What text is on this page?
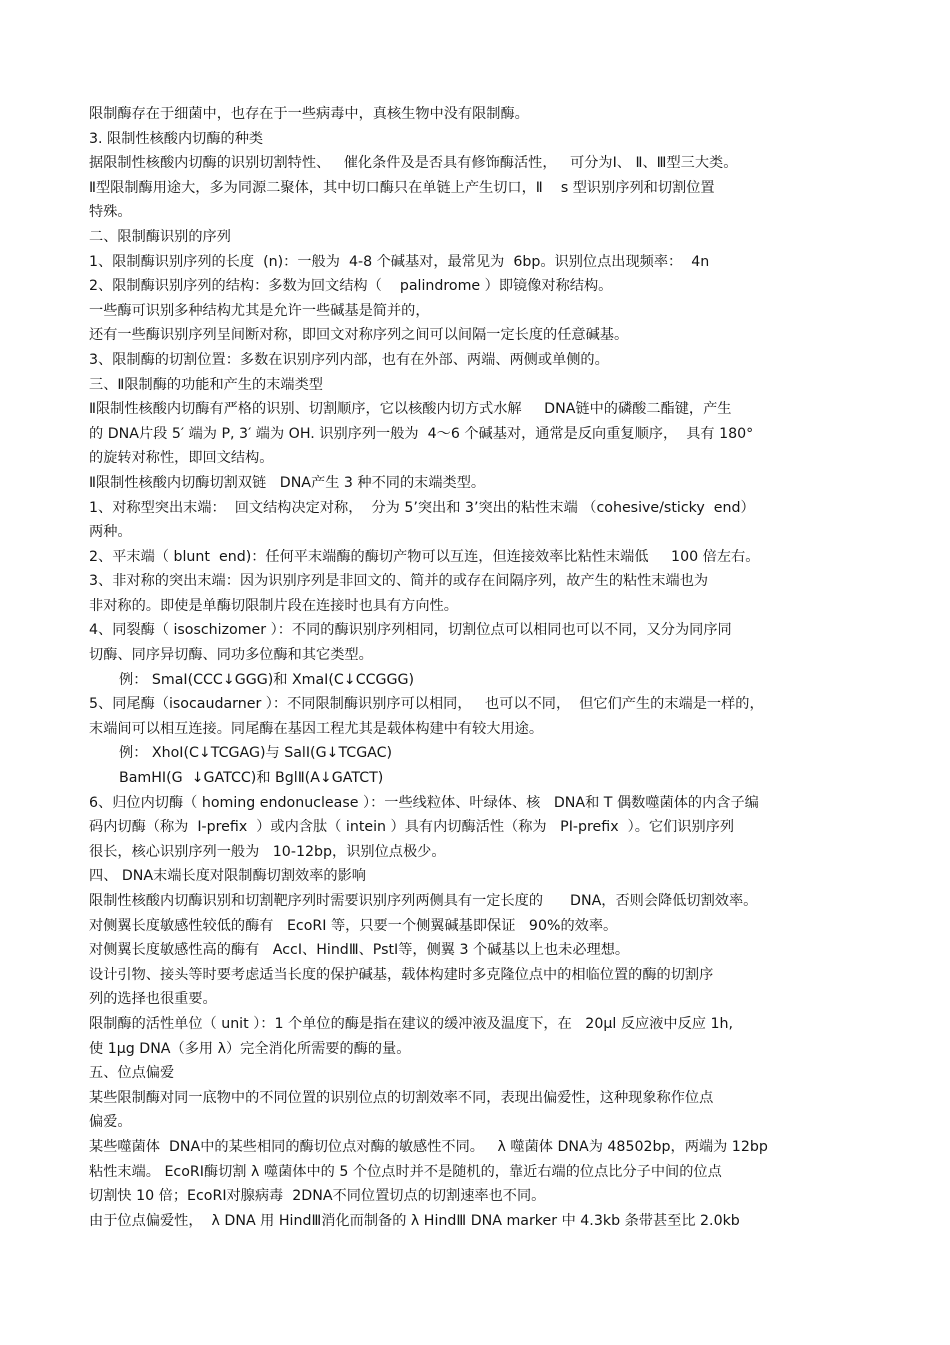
限制酶存在于细菌中，也存在于一些病毒中，真核生物中没有限制酶。
3. 限制性核酸内切酶的种类
据限制性核酸内切酶的识别切割特性、   催化条件及是否具有修饰酶活性，   可分为Ⅰ、 Ⅱ、Ⅲ型三大类。
Ⅱ型限制酶用途大，多为同源二聚体，其中切口酶只在单链上产生切口，Ⅱ    s 型识别序列和切割位置
特殊。
二、限制酶识别的序列
1、限制酶识别序列的长度  (n)：一般为  4-8 个碱基对，最常见为  6bp。识别位点出现频率：  4n
2、限制酶识别序列的结构：多数为回文结构（    palindrome ）即镜像对称结构。
一些酶可识别多种结构尤其是允许一些碱基是简并的，
还有一些酶识别序列呈间断对称，即回文对称序列之间可以间隔一定长度的任意碱基。
3、限制酶的切割位置：多数在识别序列内部，也有在外部、两端、两侧或单侧的。
三、Ⅱ限制酶的功能和产生的末端类型
Ⅱ限制性核酸内切酶有严格的识别、切割顺序，它以核酸内切方式水解     DNA链中的磷酸二酯键，产生
的 DNA片段 5′ 端为 P, 3′ 端为 OH. 识别序列一般为  4～6 个碱基对，通常是反向重复顺序，  具有 180°
的旋转对称性，即回文结构。
Ⅱ限制性核酸内切酶切割双链   DNA产生 3 种不同的末端类型。
1、对称型突出末端：  回文结构决定对称，  分为 5’突出和 3’突出的粘性末端 （cohesive/sticky  end）
两种。
2、平末端（ blunt  end)：任何平末端酶的酶切产物可以互连，但连接效率比粘性末端低     100 倍左右。
3、非对称的突出末端：因为识别序列是非回文的、简并的或存在间隔序列，故产生的粘性末端也为
非对称的。即使是单酶切限制片段在连接时也具有方向性。
4、同裂酶（ isoschizomer ）：不同的酶识别序列相同，切割位点可以相同也可以不同，又分为同序同
切酶、同序异切酶、同功多位酶和其它类型。
例： SmaⅠ(CCC↓GGG)和 XmaⅠ(C↓CCGGG)
5、同尾酶（isocaudarner ）：不同限制酶识别序可以相同，   也可以不同，  但它们产生的末端是一样的，
末端间可以相互连接。同尾酶在基因工程尤其是载体构建中有较大用途。
例： XhoⅠ(C↓TCGAG)与 SalⅠ(G↓TCGAC)
BamHI(G  ↓GATCC)和 BglⅡ(A↓GATCT)
6、归位内切酶（ homing endonuclease ）：一些线粒体、叶绿体、核   DNA和 T 偶数噬菌体的内含子编
码内切酶（称为  I-prefix  ）或内含肽（ intein ）具有内切酶活性（称为   PI-prefix  ）。它们识别序列
很长，核心识别序列一般为   10-12bp，识别位点极少。
四、 DNA末端长度对限制酶切割效率的影响
限制性核酸内切酶识别和切割靶序列时需要识别序列两侧具有一定长度的      DNA，否则会降低切割效率。
对侧翼长度敏感性较低的酶有   EcoRI 等，只要一个侧翼碱基即保证   90%的效率。
对侧翼长度敏感性高的酶有   AccⅠ、HindⅢ、PstⅠ等，侧翼 3 个碱基以上也未必理想。
设计引物、接头等时要考虑适当长度的保护碱基，载体构建时多克隆位点中的相临位置的酶的切割序
列的选择也很重要。
限制酶的活性单位（ unit ）：1 个单位的酶是指在建议的缓冲液及温度下，在   20μl 反应液中反应 1h,
使 1μg DNA（多用 λ）完全消化所需要的酶的量。
五、位点偏爱
某些限制酶对同一底物中的不同位置的识别位点的切割效率不同，表现出偏爱性，这种现象称作位点
偏爱。
某些噬菌体  DNA中的某些相同的酶切位点对酶的敏感性不同。   λ 噬菌体 DNA为 48502bp，两端为 12bp
粘性末端。 EcoRⅠ酶切割 λ 噬菌体中的 5 个位点时并不是随机的，靠近右端的位点比分子中间的位点
切割快 10 倍；EcoRⅠ对腺病毒  2DNA不同位置切点的切割速率也不同。
由于位点偏爱性，  λ DNA 用 HindⅢ消化而制备的 λ HindⅢ DNA marker 中 4.3kb 条带甚至比 2.0kb
